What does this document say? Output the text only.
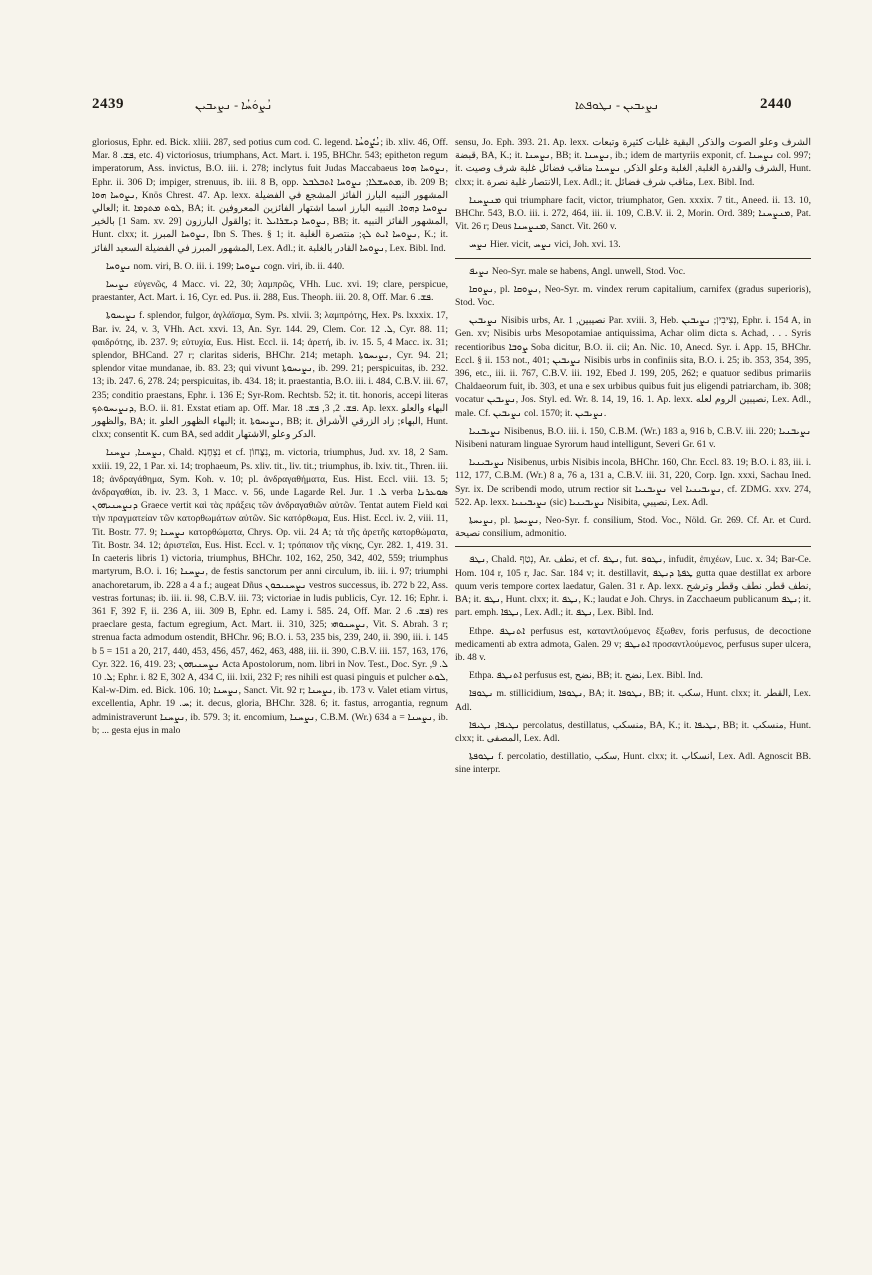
2439	ܢܳܨܘܿܚܳܐ - ܢܨܝܒܝܢ	ܢܨܝܒܝܢ - ܢܛܘܦܬܐ	2440

gloriosus, Ephr. ed. Bick. xliii. 287, sed potius cum cod. C. legend. ܢܳܨܽܘܚܳܐ; ib. xliv. 46, Off. Mar. ܦܫ. 8, etc. 4) victoriosus, triumphans, Act. Mart. i. 195, BHChr. 543; epitheton regum imperatorum, Ass. invictus, B.O. iii. i. 278; inclytus fuit Judas Maccabaeus ܢܨܘܚܐ ܗܘܐ, Ephr. ii. 306 D; impiger, strenuus, ib. iii. 8 B, opp. ܡܬܚܫܠܐ; ܢܨܘܚܐ ܐܬܒܠܒܠ, ib. 209 B; ܢܨܘܚܐ ܗܘܐ, Knös Chrest. 47. Ap. lexx. المشهور النبيه البارز الفائز المشجع في الفضيلة العالي; it. ܠܘܬ ܡܬܕܡܐ, BA; it. ܢܨܘܚܐ ܕܗܘܐ. النبيه البارز اسما اشتهار الفائزين المعروفين بالخير [1 Sam. xv. 29] والقول البارزون; it. ܢܨܘܚܐ ܕܝܫܪܐܝܠ, BB; it. المشهور الفائز النبيه, Hunt. clxx; it. ܢܨܘܚܐ المبرز, Ibn S. Thes. § 1; it. ܢܨܘܚܐ ܐܝܬ ܠܟ; منتصرة الغلبة, K.; it. المشهور المبرز في الفضيلة السعيد الفائز, Lex. Adl.; it. ܢܨܘܚܐ القادر بالغلبة, Lex. Bibl. Ind.

ܢܨܘܚܐ nom. viri, B. O. iii. i. 199; ܢܨܘܚܐ cogn. viri, ib. ii. 440.

ܢܨܝܚܐ εὐγενῶς, 4 Macc. vi. 22, 30; λαμπρῶς, VHh. Luc. xvi. 19; clare, perspicue, praestanter, Act. Mart. i. 16, Cyr. ed. Pus. ii. 288, Eus. Theoph. iii. 20. 8, Off. Mar. ܦܫ. 6.

ܢܨܝܚܘܬܐ f. splendor, fulgor, ἀγλάϊσμα, Sym. Ps. xlvii. 3; λαμπρότης, Hex. Ps. lxxxix. 17, Bar. iv. 24, v. 3, VHh. Act. xxvi. 13, An. Syr. 144. 29, Clem. Cor. ܠ. 12, Cyr. 88. 11; φαιδρότης, ib. 237. 9; εὐτυχία, Eus. Hist. Eccl. ii. 14; ἀρετή, ib. iv. 15. 5, 4 Macc. ix. 31; splendor, BHCand. 27 r; claritas sideris, BHChr. 214; metaph. ܢܨܝܚܘܬܐ, Cyr. 94. 21; splendor vitae mundanae, ib. 83. 23; qui vivunt ܢܨܝܚܘܬܐ, ib. 299. 21; perspicuitas, ib. 232. 13; ib. 247. 6, 278. 24; perspicuitas, ib. 434. 18; it. praestantia, B.O. iii. i. 484, C.B.V. iii. 67, 235; conditio praestans, Ephr. i. 136 E; Syr-Rom. Rechtsb. 52; it. tit. honoris, accepi literas ܕܢܨܝܚܘܬܟ, B.O. ii. 81. Exstat etiam ap. Off. Mar. ܦܫ. 2, 3, ܦܫ. 18. Ap. lexx. البهاء والعلو والظهور, BA; it. البهاء الظهور العلو; it. ܢܨܝܚܘܬܐ, BB; it. البهاء; زاد الزرقي الأشراق, Hunt. clxx; consentit K. cum BA, sed addit الدكر وعلو ,الاشتهار.

ܢܨܚܢܐ, ܢܨܚܢܐ, Chald. נִצְחָנָא et cf. נִצָּחוֹן, m. victoria, triumphus, Jud. xv. 18, 2 Sam. xxiii. 19, 22, 1 Par. xi. 14; trophaeum, Ps. xliv. tit., liv. tit.; triumphus, ib. lxiv. tit., Thren. iii. 18; ἀνδραγάθημα, Sym. Koh. v. 10; pl. ἀνδραγαθήματα, Eus. Hist. Eccl. viii. 13. 5; ἀνδραγαθίαι, ib. iv. 23. 3, 1 Macc. v. 56, unde Lagarde Rel. Jur. ܠ. 1 verba ܣܘܥܪܢܐ ܕܢܨܚܢܝܗܘܢ Graece vertit καὶ τὰς πράξεις τῶν ἀνδραγαθιῶν αὐτῶν. Tentat autem Field καὶ τὴν πραγματείαν τῶν κατορθωμάτων αὐτῶν. Sic κατόρθωμα, Eus. Hist. Eccl. iv. 2, viii. 11, Tit. Bostr. 77. 9; ܢܨܚܢܐ κατορθώματα, Chrys. Op. vii. 24 A; τὰ τῆς ἀρετῆς κατορθώματα, Tit. Bostr. 34. 12; ἀριστεῖαι, Eus. Hist. Eccl. v. 1; τρόπαιον τῆς νίκης, Cyr. 282. 1, 419. 31. In caeteris libris 1) victoria, triumphus, BHChr. 102, 162, 250, 342, 402, 559; triumphus martyrum, B.O. i. 16; ܢܨܚܢܐ, de festis sanctorum per anni circulum, ib. iii. i. 97; triumphi anachoretarum, ib. 228 a 4 a f.; augeat Dñus ܢܨܚܢܝܟܘܢ vestros successus, ib. 272 b 22, Ass. vestras fortunas; ib. iii. ii. 98, C.B.V. iii. 73; victoriae in ludis publicis, Cyr. 12. 16; Ephr. i. 361 F, 392 F, ii. 236 A, iii. 309 B, Ephr. ed. Lamy i. 585. 24, Off. Mar. ܦܫ. 6. 2) res praeclare gesta, factum egregium, Act. Mart. ii. 310, 325; ܢܨܚܢܘܗܝ, Vit. S. Abrah. 3 r; strenua facta admodum ostendit, BHChr. 96; B.O. i. 53, 235 bis, 239, 240, ii. 390, iii. i. 145 b 5 = 151 a 20, 217, 440, 453, 456, 457, 462, 463, 488, iii. ii. 390, C.B.V. iii. 157, 163, 176, Cyr. 322. 16, 419. 23; ܢܨܚܢܝܗܘܢ Acta Apostolorum, nom. libri in Nov. Test., Doc. Syr. ܠ. 9, ܠ. 10; Ephr. i. 82 E, 302 A, 434 C, iii. lxii, 232 F; res nihili est quasi pinguis et pulcher ܠܘܬ, Kal-w-Dim. ed. Bick. 106. 10; ܢܨܚܢܐ, Sanct. Vit. 92 r; ܢܨܚܢܐ, ib. 173 v. Valet etiam virtus, excellentia, Aphr. ܚ. 19; it. decus, gloria, BHChr. 328. 6; it. fastus, arrogantia, regnum administraverunt ܢܨܚܢܐ, ib. 579. 3; it. encomium, ܢܨܚܢܐ, C.B.M. (Wr.) 634 a = ܢܨܚܢܐ, ib. b; ... gesta ejus in malo

sensu, Jo. Eph. 393. 21. Ap. lexx. الشرف وعلو الصوت والذكر, البقية غلبات كثيرة وتبعات قبضة, BA, K.; it. ܢܨܚܢܐ, BB; it. ܢܨܚܢܐ, ib.; idem de martyriis exponit, cf. ܢܨܚܢܐ col. 997; it. الشرف والقدرة الغلبة, الغلبة وعلو الذكر, ܢܨܚܢܐ مناقب فضائل غلبة شرف وصيت, Hunt. clxx; it. الانتصار غلبة نصرة, Lex. Adl.; it. مناقب شرف فضائل, Lex. Bibl. Ind.

ܡܢܨܚܢܐ qui triumphare facit, victor, triumphator, Gen. xxxix. 7 tit., Aneed. ii. 13. 10, BHChr. 543, B.O. iii. i. 272, 464, iii. ii. 109, C.B.V. ii. 2, Morin. Ord. 389; ܡܢܨܚܢܐ, Pat. Vit. 26 r; Deus ܡܢܨܚܢܐ, Sanct. Vit. 260 v.

ܢܨܚ Hier. vicit, ܢܨܚ vici, Joh. xvi. 13.

ܢܨܝܦ Neo-Syr. male se habens, Angl. unwell, Stod. Voc.

ܢܨܘܩܐ, pl. ܢܨܘܩܐ, Neo-Syr. m. vindex rerum capitalium, carnifex (gradus superioris), Stod. Voc.

ܢܨܝܒܝܢ Nisibis urbs, Ar. نصيبين, 1 Par. xviii. 3, Heb. נְצִיבִין; ܢܨܝܒܝܢ, Ephr. i. 154 A, in Gen. xv; Nisibis urbs Mesopotamiae antiquissima, Achar olim dicta s. Achad, . . . Syris recentioribus ܨܘܒܐ Soba dicitur, B.O. ii. cii; An. Nic. 10, Anecd. Syr. i. App. 15, BHChr. Eccl. § ii. 153 not., 401; ܢܨܝܒܝܢ Nisibis urbs in confiniis sita, B.O. i. 25; ib. 353, 354, 395, 396, etc., iii. ii. 767, C.B.V. iii. 192, Ebed J. 199, 205, 262; e quatuor sedibus primariis Chaldaeorum fuit, ib. 303, et una e sex urbibus quibus fuit jus eligendi patriarcham, ib. 308; vocatur ܢܨܝܒܝܢ, Jos. Styl. ed. Wr. 8. 14, 19, 16. 1. Ap. lexx. نصيبين الروم لعله, Lex. Adl., male. Cf. ܢܨܝܒܝܢ col. 1570; it. ܢܨܝܒܝܢ.

ܢܨܝܒܢܝܐ Nisibenus, B.O. iii. i. 150, C.B.M. (Wr.) 183 a, 916 b, C.B.V. iii. 220; ܢܨܝܒܢܝܐ Nisibeni naturam linguae Syrorum haud intelligunt, Severi Gr. 61 v.

ܢܨܝܒܝܢܝܐ Nisibenus, urbis Nisibis incola, BHChr. 160, Chr. Eccl. 83. 19; B.O. i. 83, iii. i. 112, 177, C.B.M. (Wr.) 8 a, 76 a, 131 a, C.B.V. iii. 31, 220, Corp. Ign. xxxi, Sachau Ined. Syr. ix. De scribendi modo, utrum rectior sit ܢܨܝܒܢܝܐ vel ܢܨܝܒܝܢܝܐ, cf. ZDMG. xxv. 274, 522. Ap. lexx. ܢܨܝܒܝܢܝܐ (sic) ܢܨܝܒܝܢܝܐ Nisibita, نصيبي, Lex. Adl.

ܢܨܝܚܬܐ, pl. ܢܨܝܚܬܐ, Neo-Syr. f. consilium, Stod. Voc., Nöld. Gr. 269. Cf. Ar. et Curd. نصيحة consilium, admonitio.

ܢܛܦ, Chald. נְטַף, Ar. نطف, et cf. ܢܛܦ, fut. ܢܛܘܦ, infudit, ἐπιχέων, Luc. x. 34; Bar-Ce. Hom. 104 r, 105 r, Jac. Sar. 184 v; it. destillavit, ܛܦܬܐ ܕܢܛܦ gutta quae destillat ex arbore quum veris tempore cortex laedatur, Galen. 31 r. Ap. lexx. نطف قطر, نطف وقطر وترشح, BA; it. ܢܛܦ, Hunt. clxx; it. ܢܛܦ, K.; laudat e Joh. Chrys. in Zacchaeum publicanum ܢܛܦ; it. part. emph. ܢܛܦܐ, Lex. Adl.; it. ܢܛܦ, Lex. Bibl. Ind.

Ethpe. ܐܬܢܛܦ perfusus est, καταντλούμενος ἔξωθεν, foris perfusus, de decoctione medicamenti ab extra admota, Galen. 29 v; ܐܬܢܛܦ προσαντλούμενος, perfusus super ulcera, ib. 48 v.

Ethpa. ܐܬܢܛܦ perfusus est, نضح, BB; it. نضح, Lex. Bibl. Ind.

ܢܛܘܦܐ m. stillicidium, ܢܛܘܦܐ, BA; it. ܢܛܘܦܐ, BB; it. سكب, Hunt. clxx; it. القطر, Lex. Adl.

ܢܛܝܦܐ, ܢܛܝܦܐ percolatus, destillatus, منسكب, BA, K.; it. ܢܛܝܦܐ, BB; it. منسكب, Hunt. clxx; it. المصفى, Lex. Adl.

ܢܛܘܦܬܐ f. percolatio, destillatio, سكب, Hunt. clxx; it. انسكاب, Lex. Adl. Agnoscit BB. sine interpr.
